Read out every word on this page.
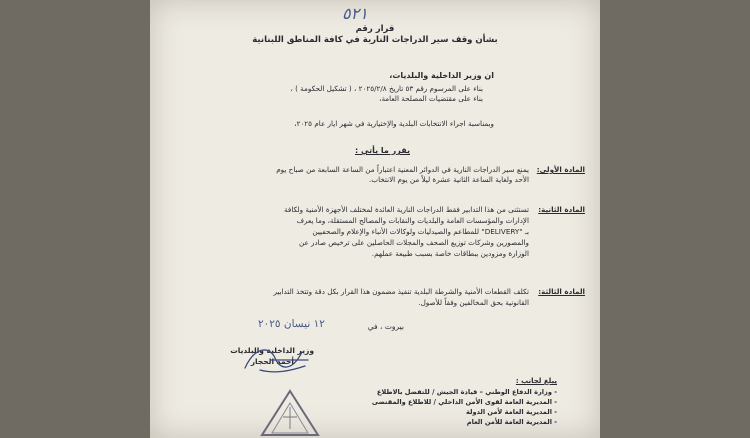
٥٢١
قرار رقم
بشأن وقف سير الدراجات النارية في كافة المناطق اللبنانية
ان وزير الداخلية والبلديات،
بناء على المرسوم رقم ٥٣ تاريخ ٢٠٢٥/٢/٨ ، ( تشكيل الحكومة ) ،
بناء على مقتضيات المصلحة العامة،
وبمناسبة اجراء الانتخابات البلدية والإختيارية في شهر ايار عام ٢٠٢٥،
يقرر ما يأتي :
المادة الأولى:
يمنع سير الدراجات النارية في الدوائر المعنية اعتباراً من الساعة السابعة من صباح يوم
الأحد ولغاية الساعة الثانية عشرة ليلاً من يوم الانتخاب.
المادة الثانية:
تستثنى من هذا التدابير فقط الدراجات النارية العائدة لمختلف الأجهزة الأمنية ولكافة
الإدارات والمؤسسات العامة والبلديات والنقابات والمصالح المستقلة، وما يعرف
بـ "DELIVERY" للمطاعم والصيدليات ولوكالات الأنباء والإعلام والصحفيين
والمصورين وشركات توزيع الصحف والمجلات الحاصلين على ترخيص صادر عن
الوزارة ومزودين ببطاقات خاصة بسبب طبيعة عملهم.
المادة الثالثة:
تكلف القطعات الأمنية والشرطة البلدية تنفيذ مضمون هذا القرار بكل دقة وتتخذ التدابير
القانونية بحق المخالفين وفقاً للأصول.
بيروت ، في
١٢ نيسان ٢٠٢٥
وزير الداخلية والبلديات
أحمد الحجار
يبلغ لجانب :
- وزارة الدفاع الوطني – قيادة الجيش / للتفضل بالاطلاع
- المديرية العامة لقوى الأمن الداخلي / للاطلاع والمقتضى
- المديرية العامة لأمن الدولة
- المديرية العامة للأمن العام
